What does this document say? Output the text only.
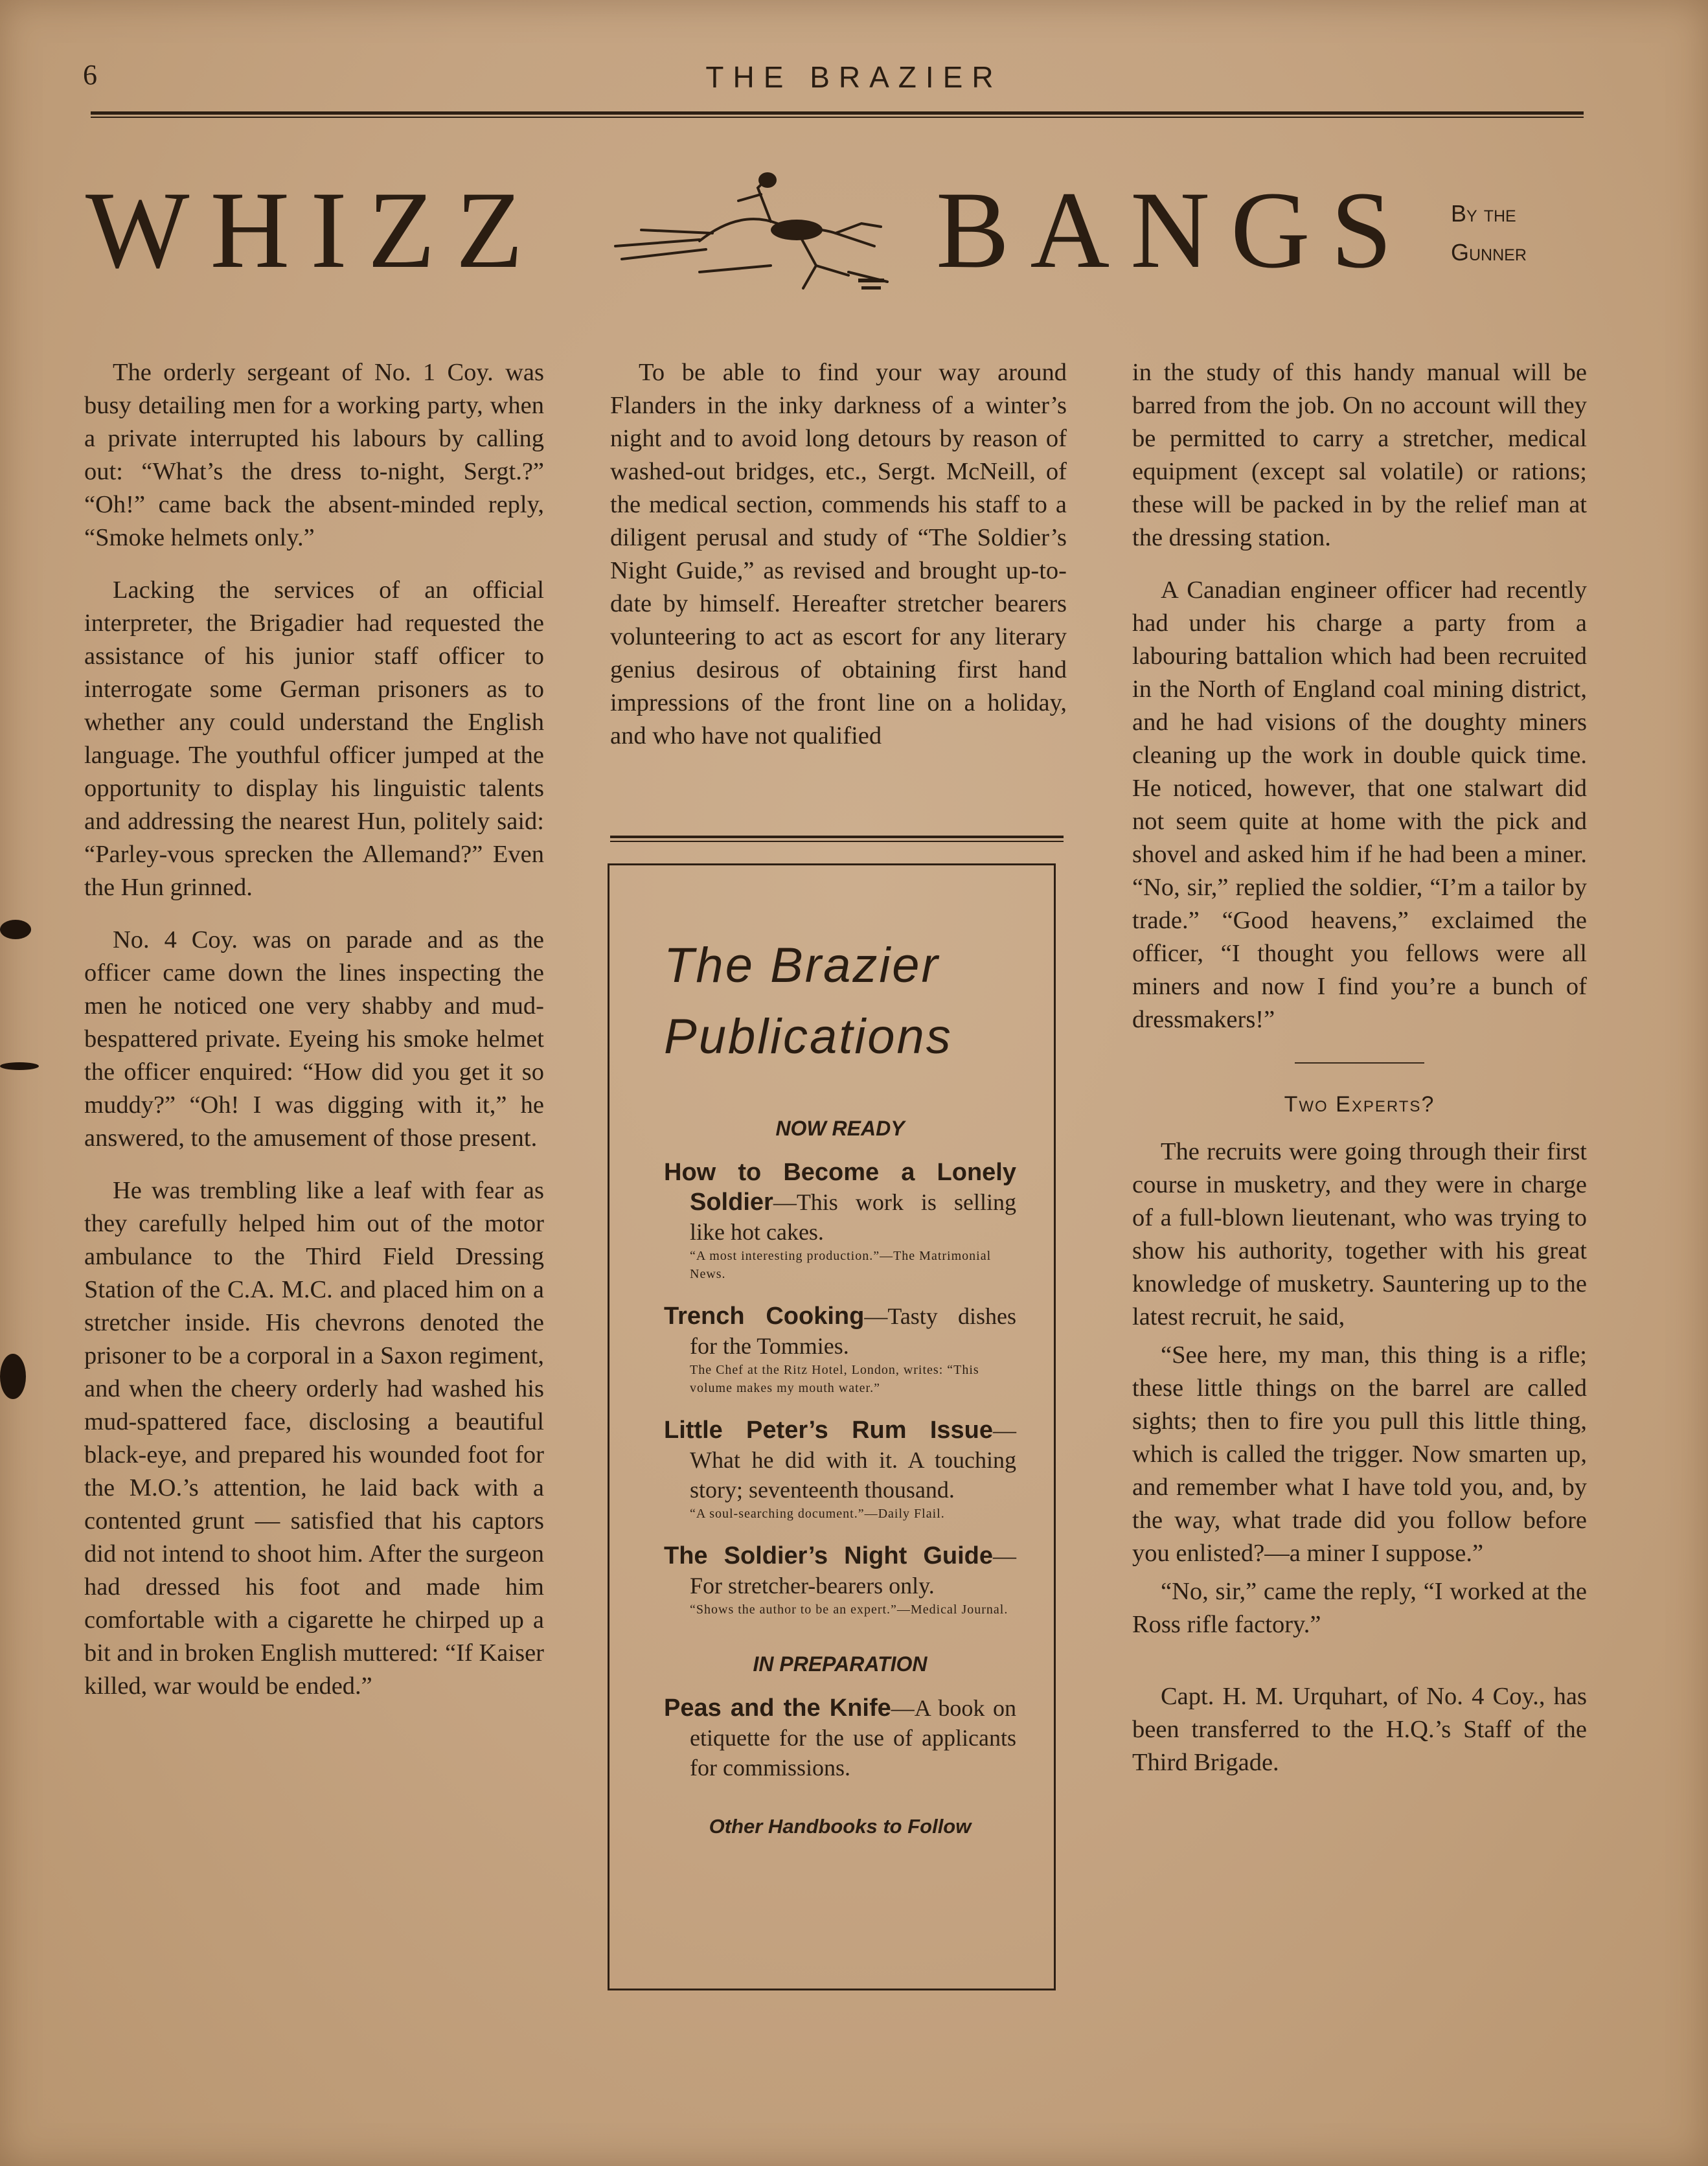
6	THE BRAZIER
WHIZZ	BANGS By the
Gunner

The orderly sergeant of No. 1 Coy. was busy detailing men for a working party, when a private interrupted his labours by calling out: “What’s the dress to-night, Sergt.?” “Oh!” came back the absent-minded reply, “Smoke helmets only.”

Lacking the services of an official interpreter, the Brigadier had requested the assistance of his junior staff officer to interrogate some German prisoners as to whether any could understand the English language. The youthful officer jumped at the opportunity to display his linguistic talents and addressing the nearest Hun, politely said: “Parley-vous sprecken the Allemand?” Even the Hun grinned.

No. 4 Coy. was on parade and as the officer came down the lines inspecting the men he noticed one very shabby and mud-bespattered private. Eyeing his smoke helmet the officer enquired: “How did you get it so muddy?” “Oh! I was digging with it,” he answered, to the amusement of those present.

He was trembling like a leaf with fear as they carefully helped him out of the motor ambulance to the Third Field Dressing Station of the C.A. M.C. and placed him on a stretcher inside. His chevrons denoted the prisoner to be a corporal in a Saxon regiment, and when the cheery orderly had washed his mud-spattered face, disclosing a beautiful black-eye, and prepared his wounded foot for the M.O.’s attention, he laid back with a contented grunt — satisfied that his captors did not intend to shoot him. After the surgeon had dressed his foot and made him comfortable with a cigarette he chirped up a bit and in broken English muttered: “If Kaiser killed, war would be ended.”

To be able to find your way around Flanders in the inky darkness of a winter’s night and to avoid long detours by reason of washed-out bridges, etc., Sergt. McNeill, of the medical section, commends his staff to a diligent perusal and study of “The Soldier’s Night Guide,” as revised and brought up-to-date by himself. Hereafter stretcher bearers volunteering to act as escort for any literary genius desirous of obtaining first hand impressions of the front line on a holiday, and who have not qualified

The Brazier
Publications
NOW READY
How to Become a Lonely Soldier—This work is selling like hot cakes.
“A most interesting production.”—The Matrimonial News.
Trench Cooking—Tasty dishes for the Tommies.
The Chef at the Ritz Hotel, London, writes: “This volume makes my mouth water.”
Little Peter’s Rum Issue— What he did with it. A touching story; seventeenth thousand.
“A soul-searching document.”—Daily Flail.
The Soldier’s Night Guide— For stretcher-bearers only.
“Shows the author to be an expert.”—Medical Journal.
IN PREPARATION
Peas and the Knife—A book on etiquette for the use of applicants for commissions.
Other Handbooks to Follow

in the study of this handy manual will be barred from the job. On no account will they be permitted to carry a stretcher, medical equipment (except sal volatile) or rations; these will be packed in by the relief man at the dressing station.

A Canadian engineer officer had recently had under his charge a party from a labouring battalion which had been recruited in the North of England coal mining district, and he had visions of the doughty miners cleaning up the work in double quick time. He noticed, however, that one stalwart did not seem quite at home with the pick and shovel and asked him if he had been a miner. “No, sir,” replied the soldier, “I’m a tailor by trade.” “Good heavens,” exclaimed the officer, “I thought you fellows were all miners and now I find you’re a bunch of dressmakers!”

Two Experts?

The recruits were going through their first course in musketry, and they were in charge of a full-blown lieutenant, who was trying to show his authority, together with his great knowledge of musketry. Sauntering up to the latest recruit, he said,

“See here, my man, this thing is a rifle; these little things on the barrel are called sights; then to fire you pull this little thing, which is called the trigger. Now smarten up, and remember what I have told you, and, by the way, what trade did you follow before you enlisted?—a miner I suppose.”

“No, sir,” came the reply, “I worked at the Ross rifle factory.”

Capt. H. M. Urquhart, of No. 4 Coy., has been transferred to the H.Q.’s Staff of the Third Brigade.
